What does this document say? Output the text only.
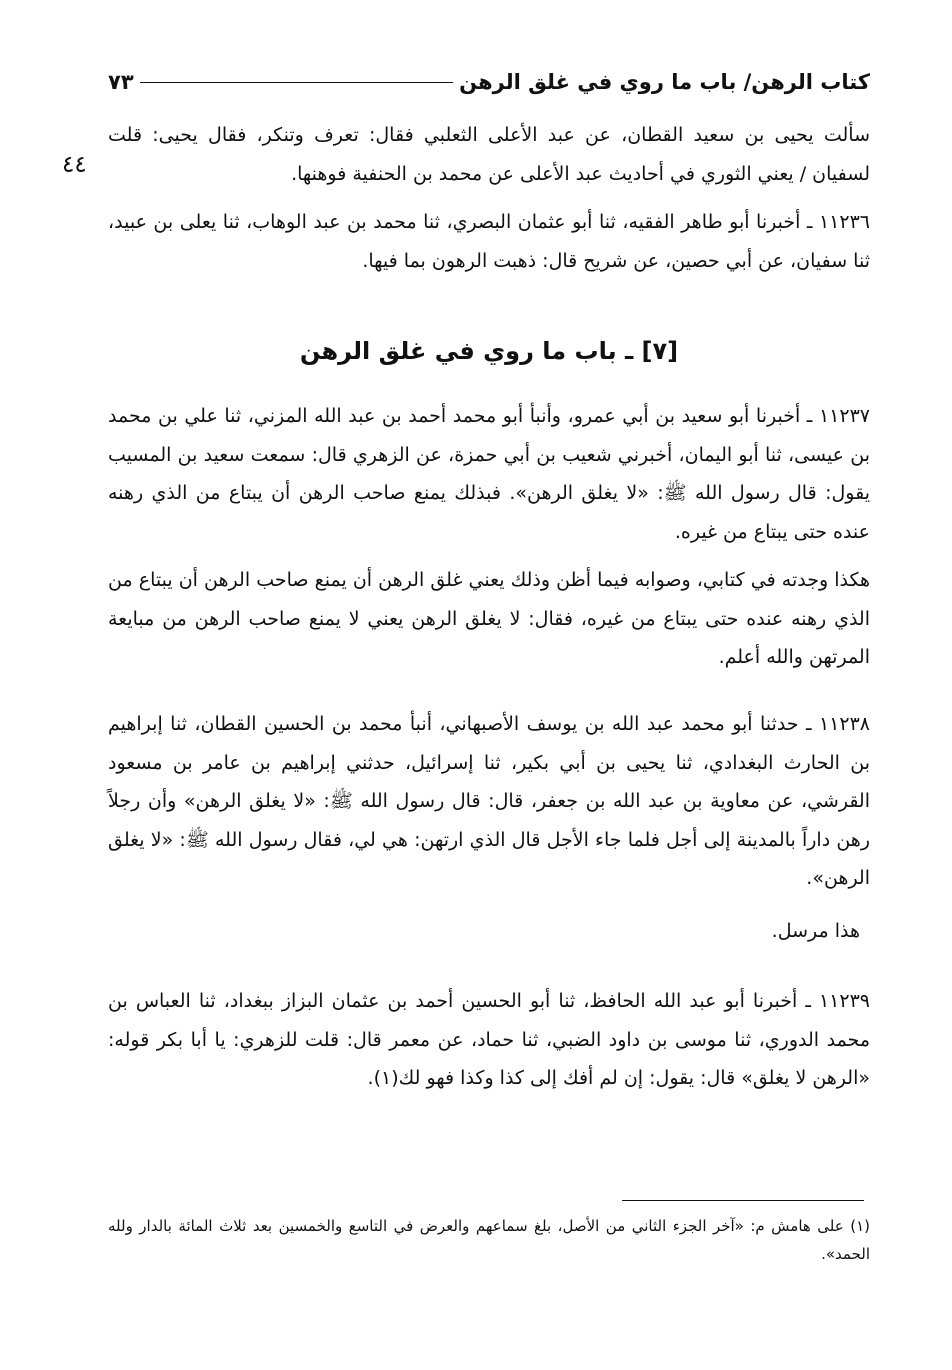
كتاب الرهن/ باب ما روي في غلق الرهن
٧٣
٤٤
سألت يحيى بن سعيد القطان، عن عبد الأعلى الثعلبي فقال: تعرف وتنكر، فقال يحيى: قلت لسفيان / يعني الثوري في أحاديث عبد الأعلى عن محمد بن الحنفية فوهنها.
١١٢٣٦ ـ أخبرنا أبو طاهر الفقيه، ثنا أبو عثمان البصري، ثنا محمد بن عبد الوهاب، ثنا يعلى بن عبيد، ثنا سفيان، عن أبي حصين، عن شريح قال: ذهبت الرهون بما فيها.
[٧] ـ باب ما روي في غلق الرهن
١١٢٣٧ ـ أخبرنا أبو سعيد بن أبي عمرو، وأنبأ أبو محمد أحمد بن عبد الله المزني، ثنا علي بن محمد بن عيسى، ثنا أبو اليمان، أخبرني شعيب بن أبي حمزة، عن الزهري قال: سمعت سعيد بن المسيب يقول: قال رسول الله ﷺ: «لا يغلق الرهن». فبذلك يمنع صاحب الرهن أن يبتاع من الذي رهنه عنده حتى يبتاع من غيره.
هكذا وجدته في كتابي، وصوابه فيما أظن وذلك يعني غلق الرهن أن يمنع صاحب الرهن أن يبتاع من الذي رهنه عنده حتى يبتاع من غيره، فقال: لا يغلق الرهن يعني لا يمنع صاحب الرهن من مبايعة المرتهن والله أعلم.
١١٢٣٨ ـ حدثنا أبو محمد عبد الله بن يوسف الأصبهاني، أنبأ محمد بن الحسين القطان، ثنا إبراهيم بن الحارث البغدادي، ثنا يحيى بن أبي بكير، ثنا إسرائيل، حدثني إبراهيم بن عامر بن مسعود القرشي، عن معاوية بن عبد الله بن جعفر، قال: قال رسول الله ﷺ: «لا يغلق الرهن» وأن رجلاً رهن داراً بالمدينة إلى أجل فلما جاء الأجل قال الذي ارتهن: هي لي، فقال رسول الله ﷺ: «لا يغلق الرهن».
هذا مرسل.
١١٢٣٩ ـ أخبرنا أبو عبد الله الحافظ، ثنا أبو الحسين أحمد بن عثمان البزاز ببغداد، ثنا العباس بن محمد الدوري، ثنا موسى بن داود الضبي، ثنا حماد، عن معمر قال: قلت للزهري: يا أبا بكر قوله: «الرهن لا يغلق» قال: يقول: إن لم أفك إلى كذا وكذا فهو لك(١).
(١) على هامش م: «آخر الجزء الثاني من الأصل، بلغ سماعهم والعرض في التاسع والخمسين بعد ثلاث المائة بالدار ولله الحمد».
